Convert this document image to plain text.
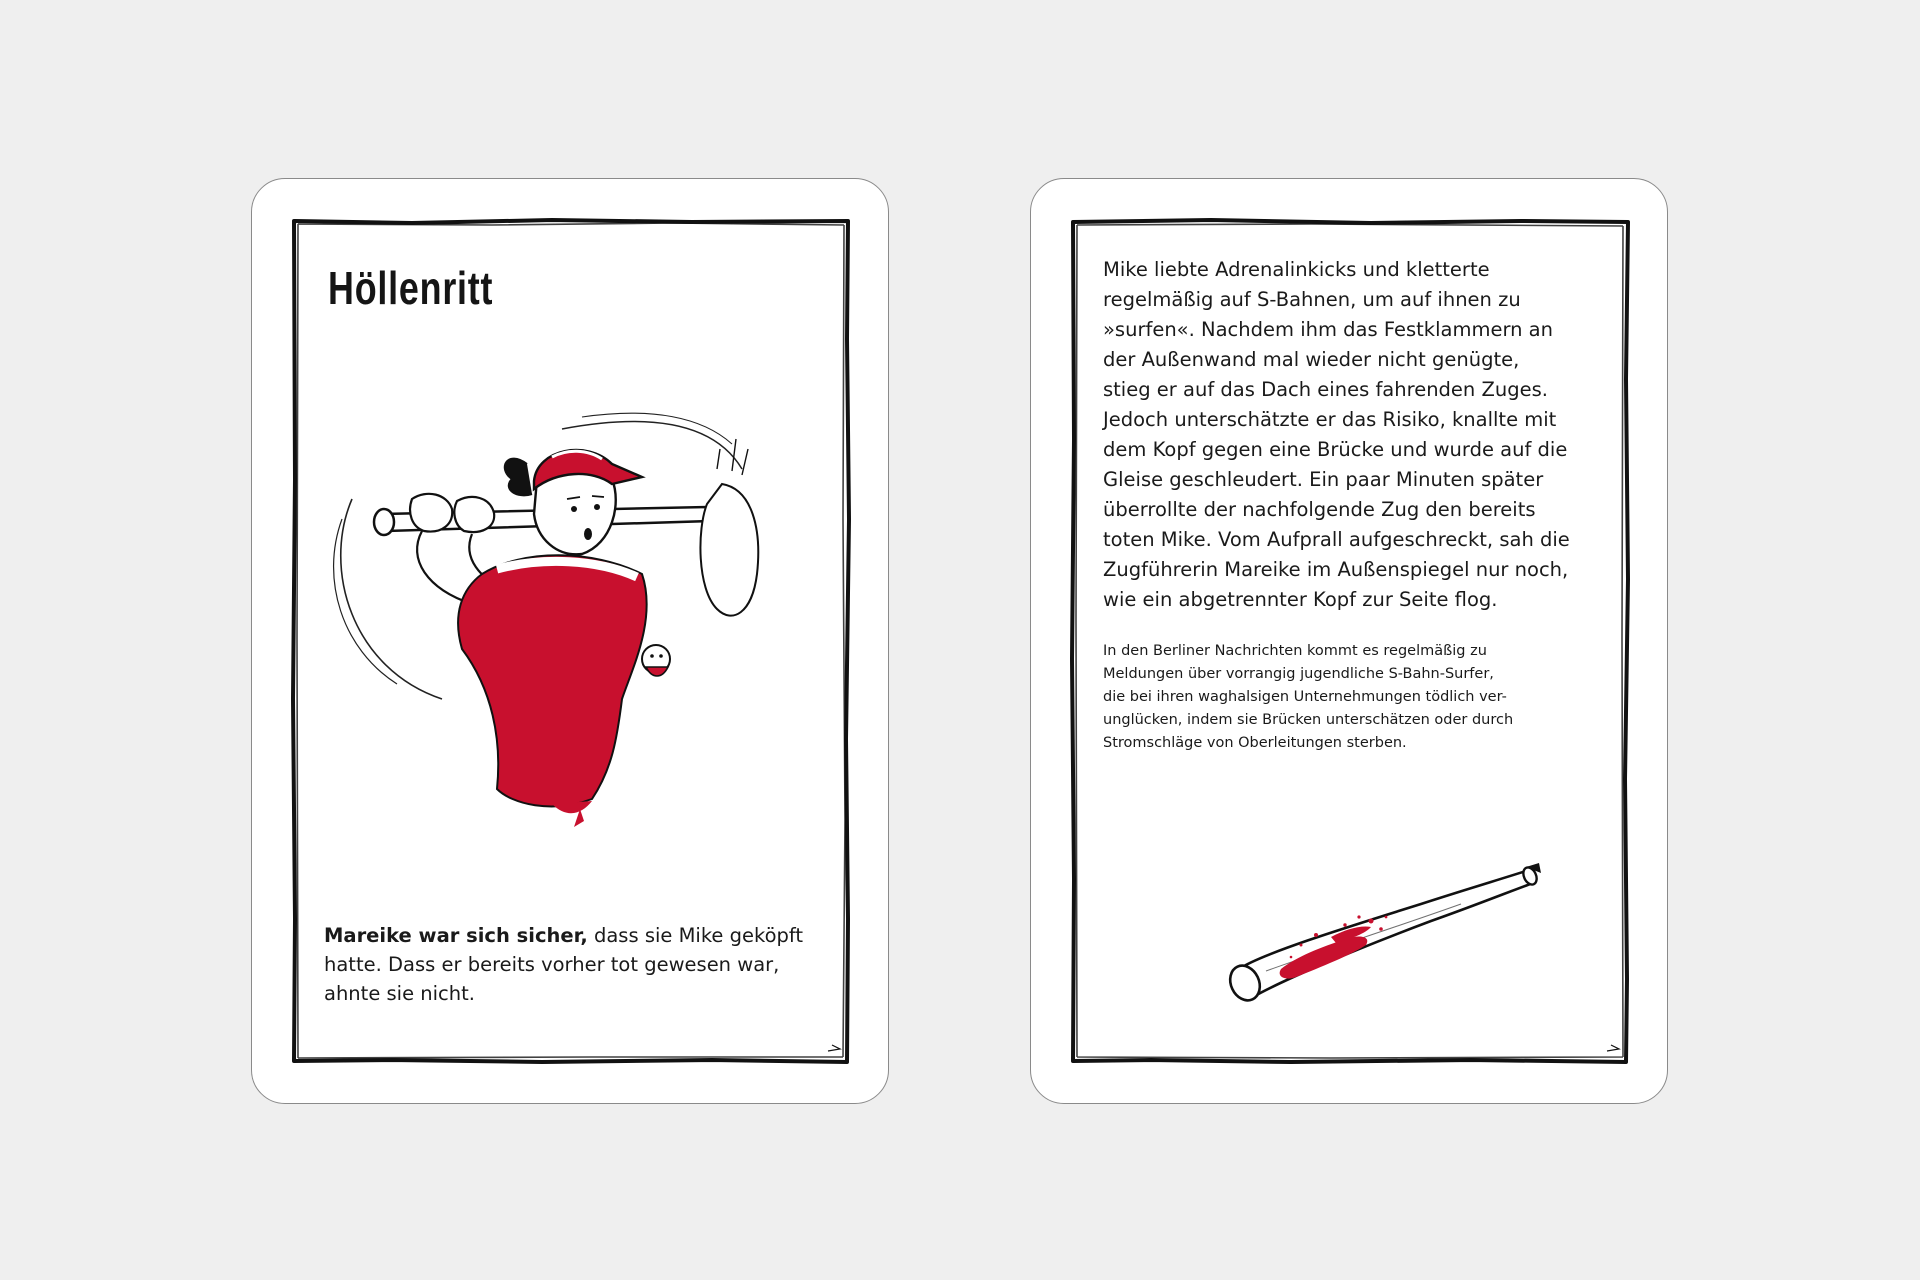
Höllenritt
Mareike war sich sicher, dass sie Mike geköpft hatte. Dass er bereits vorher tot gewesen war, ahnte sie nicht.
Mike liebte Adrenalinkicks und kletterte
regelmäßig auf S-Bahnen, um auf ihnen zu
»surfen«. Nachdem ihm das Festklammern an
der Außenwand mal wieder nicht genügte,
stieg er auf das Dach eines fahrenden Zuges.
Jedoch unterschätzte er das Risiko, knallte mit
dem Kopf gegen eine Brücke und wurde auf die
Gleise geschleudert. Ein paar Minuten später
überrollte der nachfolgende Zug den bereits
toten Mike. Vom Aufprall aufgeschreckt, sah die
Zugführerin Mareike im Außenspiegel nur noch,
wie ein abgetrennter Kopf zur Seite flog.
In den Berliner Nachrichten kommt es regelmäßig zu
Meldungen über vorrangig jugendliche S-Bahn-Surfer,
die bei ihren waghalsigen Unternehmungen tödlich ver-
unglücken, indem sie Brücken unterschätzen oder durch
Stromschläge von Oberleitungen sterben.
